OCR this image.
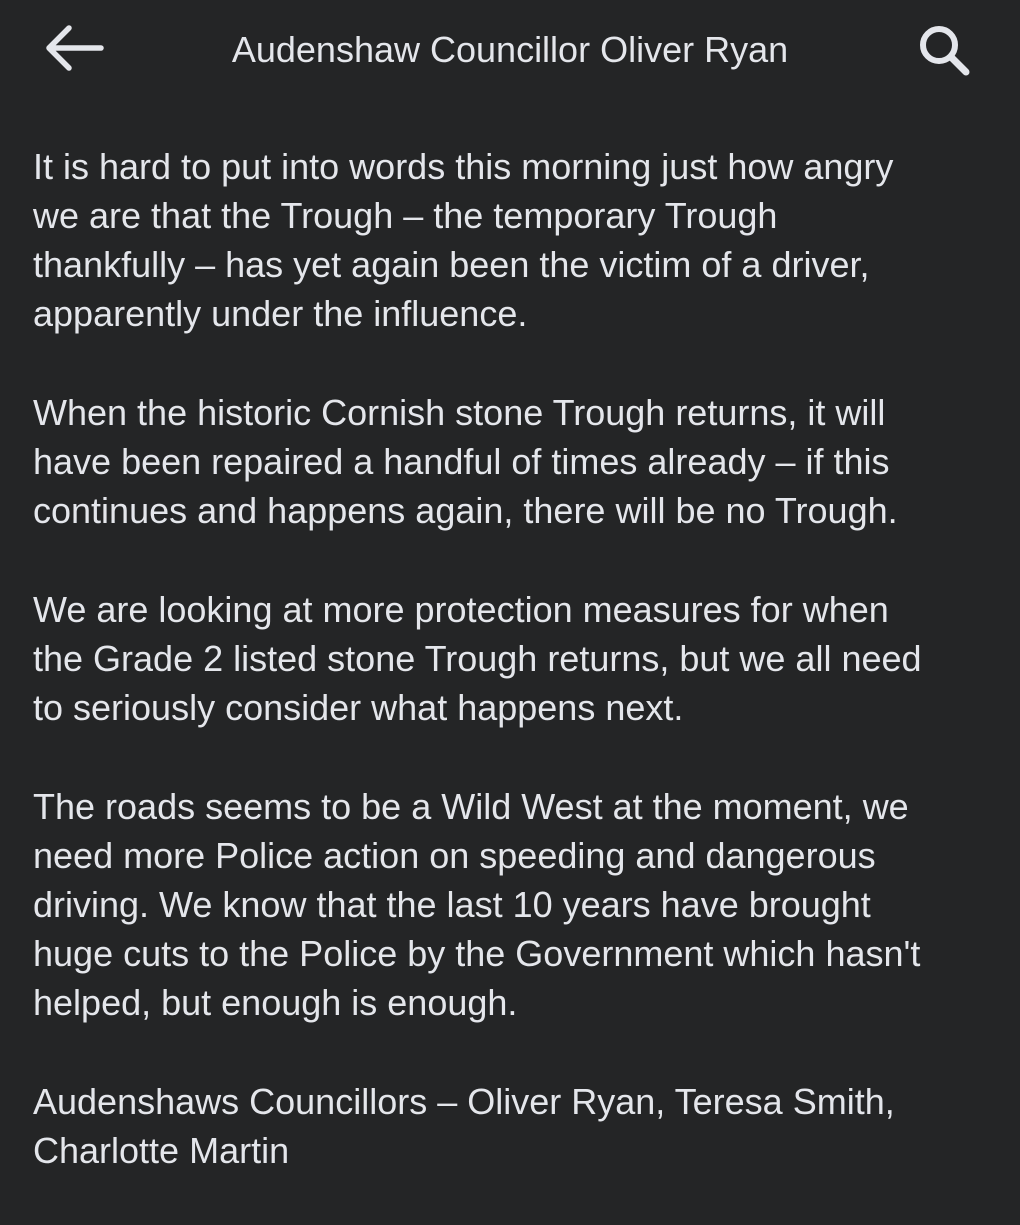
Audenshaw Councillor Oliver Ryan

It is hard to put into words this morning just how angry
we are that the Trough – the temporary Trough
thankfully – has yet again been the victim of a driver,
apparently under the influence.

When the historic Cornish stone Trough returns, it will
have been repaired a handful of times already – if this
continues and happens again, there will be no Trough.

We are looking at more protection measures for when
the Grade 2 listed stone Trough returns, but we all need
to seriously consider what happens next.

The roads seems to be a Wild West at the moment, we
need more Police action on speeding and dangerous
driving. We know that the last 10 years have brought
huge cuts to the Police by the Government which hasn't
helped, but enough is enough.

Audenshaws Councillors – Oliver Ryan, Teresa Smith,
Charlotte Martin
